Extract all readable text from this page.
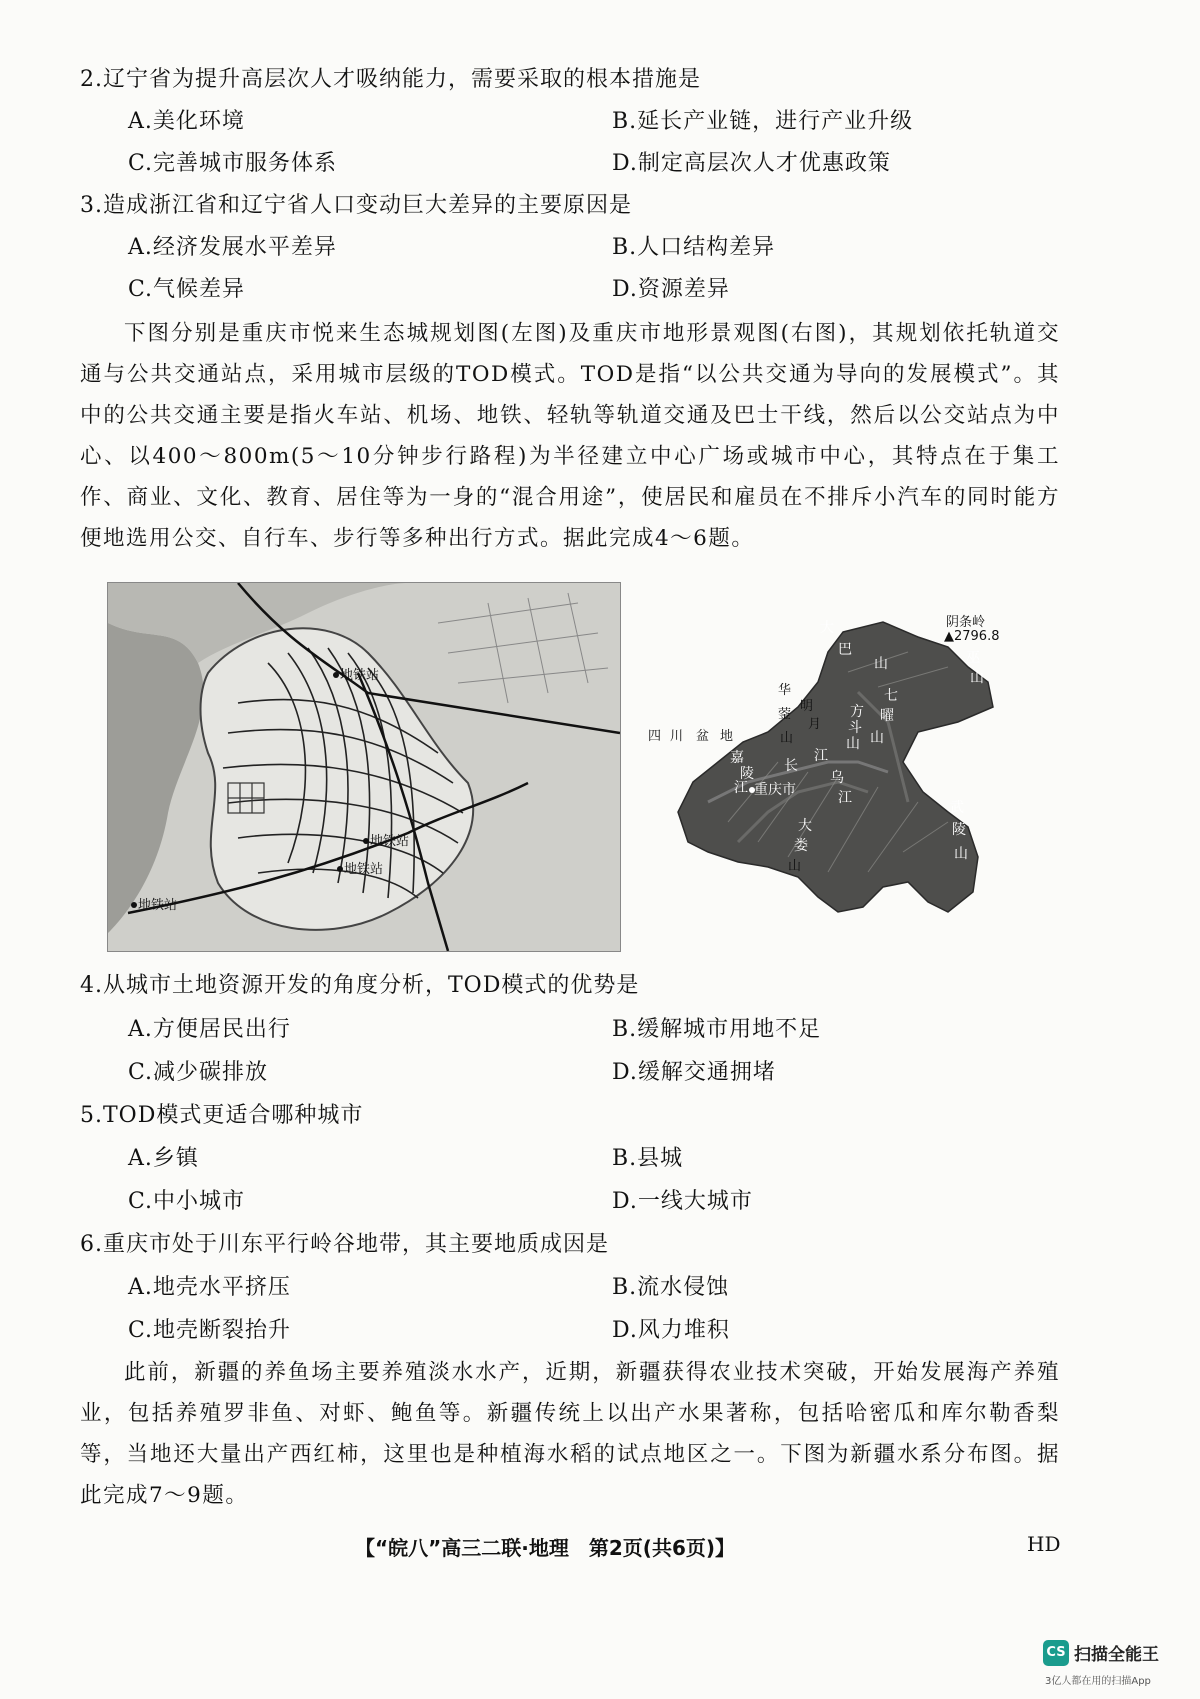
2.辽宁省为提升高层次人才吸纳能力，需要采取的根本措施是
A.美化环境	B.延长产业链，进行产业升级
C.完善城市服务体系	D.制定高层次人才优惠政策
3.造成浙江省和辽宁省人口变动巨大差异的主要原因是
A.经济发展水平差异	B.人口结构差异
C.气候差异	D.资源差异
下图分别是重庆市悦来生态城规划图(左图)及重庆市地形景观图(右图)，其规划依托轨道交通与公共交通站点，采用城市层级的TOD模式。TOD是指“以公共交通为导向的发展模式”。其中的公共交通主要是指火车站、机场、地铁、轻轨等轨道交通及巴士干线，然后以公交站点为中心、以400～800m(5～10分钟步行路程)为半径建立中心广场或城市中心，其特点在于集工作、商业、文化、教育、居住等为一身的“混合用途”，使居民和雇员在不排斥小汽车的同时能方便地选用公交、自行车、步行等多种出行方式。据此完成4～6题。
地铁站
地铁站
地铁站
地铁站
阴条岭
▲2796.8
大
巴
山	巫
山
华
蓥
山
明
月
四 川 盆 地
嘉
陵
江
长
江
方
斗
山
七
曜
山
乌
江
重庆市
大
娄
山
武
陵
山
4.从城市土地资源开发的角度分析，TOD模式的优势是
A.方便居民出行	B.缓解城市用地不足
C.减少碳排放	D.缓解交通拥堵
5.TOD模式更适合哪种城市
A.乡镇	B.县城
C.中小城市	D.一线大城市
6.重庆市处于川东平行岭谷地带，其主要地质成因是
A.地壳水平挤压	B.流水侵蚀
C.地壳断裂抬升	D.风力堆积
此前，新疆的养鱼场主要养殖淡水水产，近期，新疆获得农业技术突破，开始发展海产养殖业，包括养殖罗非鱼、对虾、鲍鱼等。新疆传统上以出产水果著称，包括哈密瓜和库尔勒香梨等，当地还大量出产西红柿，这里也是种植海水稻的试点地区之一。下图为新疆水系分布图。据此完成7～9题。
【“皖八”高三二联·地理　第2页(共6页)】	HD
CS 扫描全能王
3亿人都在用的扫描App
